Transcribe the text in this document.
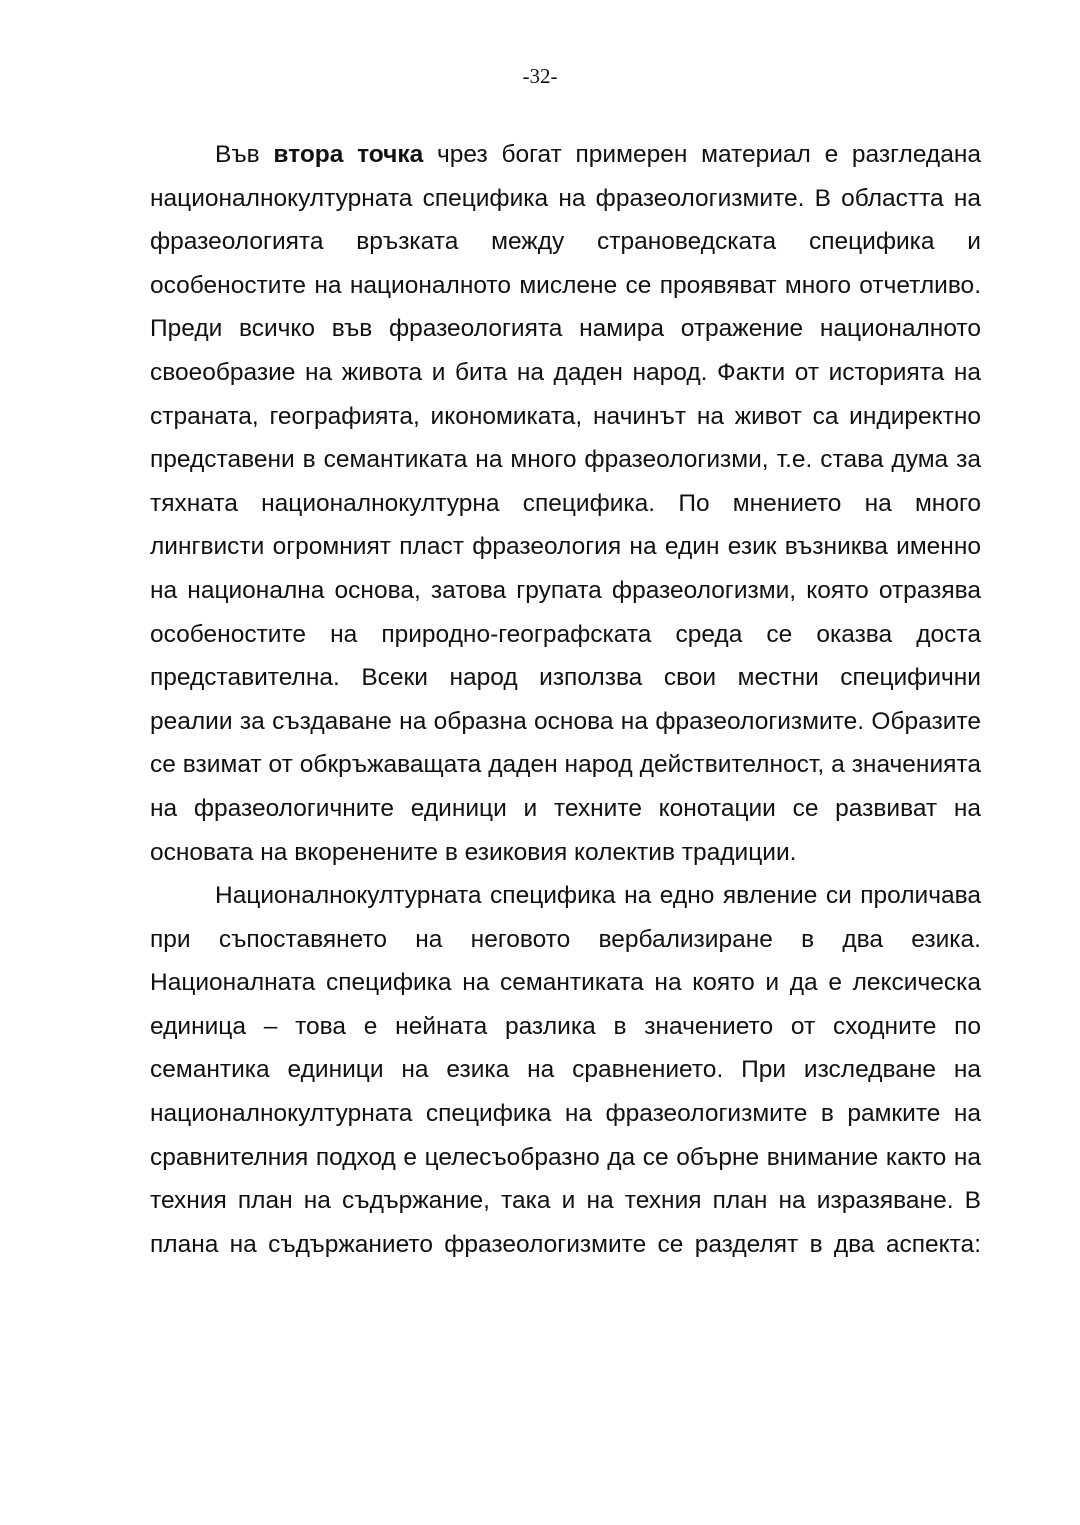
-32-

Във втора точка чрез богат примерен материал е разгледана националнокултурната специфика на фразеологизмите. В областта на фразеологията връзката между страноведската специфика и особеностите на националното мислене се проявяват много отчетливо. Преди всичко във фразеологията намира отражение националното своеобразие на живота и бита на даден народ. Факти от историята на страната, географията, икономиката, начинът на живот са индиректно представени в семантиката на много фразеологизми, т.е. става дума за тяхната националнокултурна специфика. По мнението на много лингвисти огромният пласт фразеология на един език възниква именно на национална основа, затова групата фразеологизми, която отразява особеностите на природно-географската среда се оказва доста представителна. Всеки народ използва свои местни специфични реалии за създаване на образна основа на фразеологизмите. Образите се взимат от обкръжаващата даден народ действителност, а значенията на фразеологичните единици и техните конотации се развиват на основата на вкоренените в езиковия колектив традиции.

Националнокултурната специфика на едно явление си проличава при съпоставянето на неговото вербализиране в два езика. Националната специфика на семантиката на която и да е лексическа единица – това е нейната разлика в значението от сходните по семантика единици на езика на сравнението. При изследване на националнокултурната специфика на фразеологизмите в рамките на сравнителния подход е целесъобразно да се обърне внимание както на техния план на съдържание, така и на техния план на изразяване. В плана на съдържанието фразеологизмите се разделят в два аспекта:
